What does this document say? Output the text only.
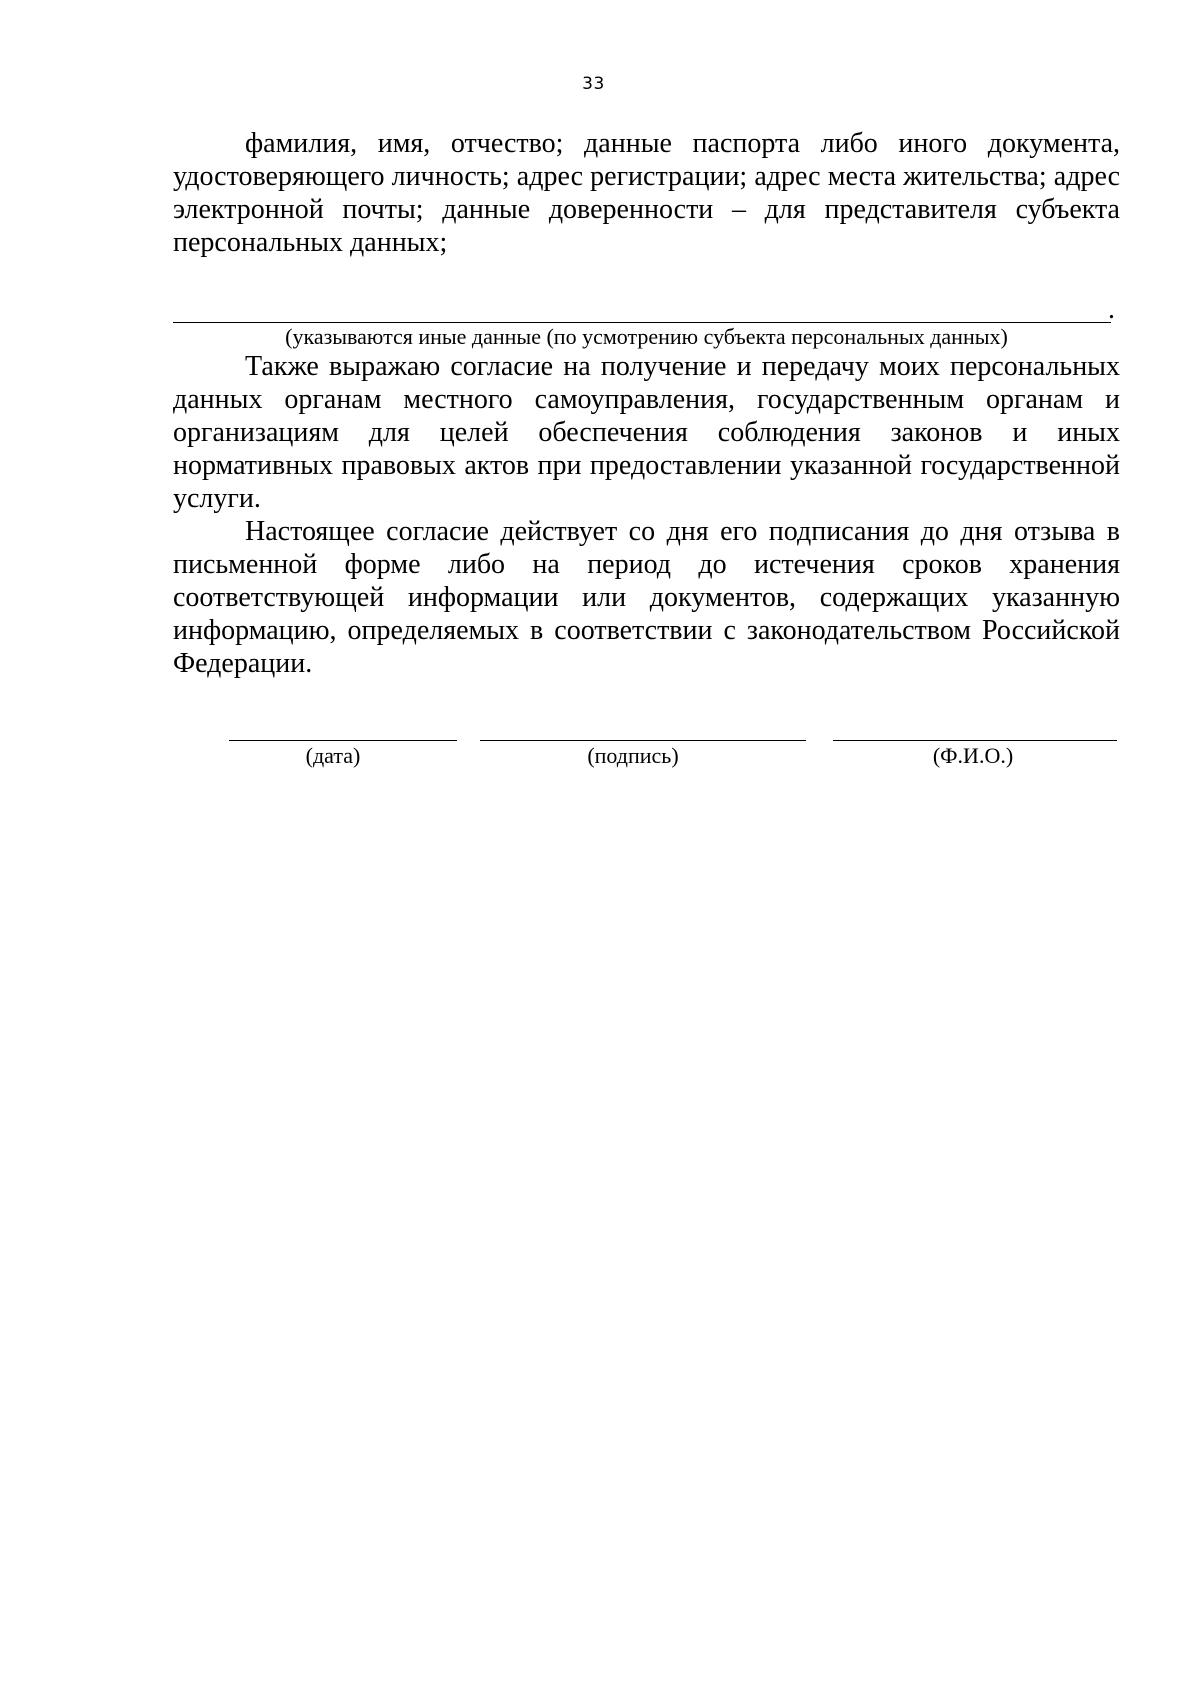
33

фамилия, имя, отчество; данные паспорта либо иного документа, удостоверяющего личность; адрес регистрации; адрес места жительства; адрес электронной почты; данные доверенности – для представителя субъекта персональных данных;

.
(указываются иные данные (по усмотрению субъекта персональных данных)

Также выражаю согласие на получение и передачу моих персональных данных органам местного самоуправления, государственным органам и организациям для целей обеспечения соблюдения законов и иных нормативных правовых актов при предоставлении указанной государственной услуги.

Настоящее согласие действует со дня его подписания до дня отзыва в письменной форме либо на период до истечения сроков хранения соответствующей информации или документов, содержащих указанную информацию, определяемых в соответствии с законодательством Российской Федерации.

(дата)	(подпись)	(Ф.И.О.)
